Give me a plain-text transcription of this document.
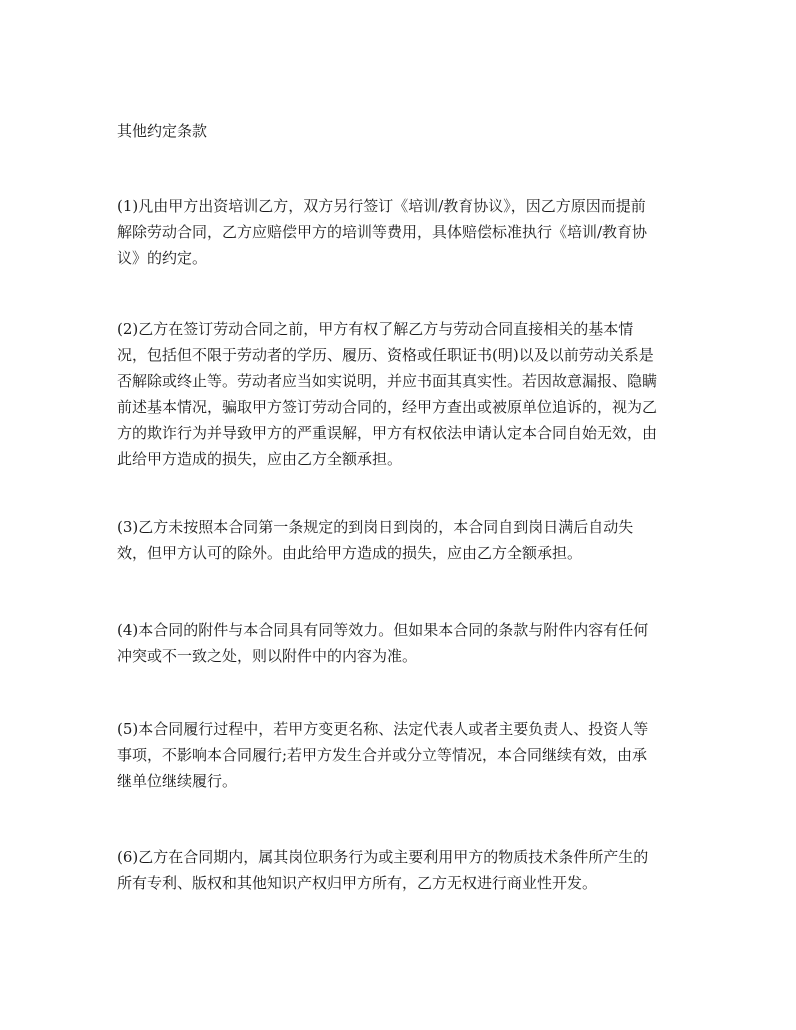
其他约定条款

(1)凡由甲方出资培训乙方，双方另行签订《培训/教育协议》，因乙方原因而提前
解除劳动合同，乙方应赔偿甲方的培训等费用，具体赔偿标准执行《培训/教育协
议》的约定。

(2)乙方在签订劳动合同之前，甲方有权了解乙方与劳动合同直接相关的基本情
况，包括但不限于劳动者的学历、履历、资格或任职证书(明)以及以前劳动关系是
否解除或终止等。劳动者应当如实说明，并应书面其真实性。若因故意漏报、隐瞒
前述基本情况，骗取甲方签订劳动合同的，经甲方查出或被原单位追诉的，视为乙
方的欺诈行为并导致甲方的严重误解，甲方有权依法申请认定本合同自始无效，由
此给甲方造成的损失，应由乙方全额承担。

(3)乙方未按照本合同第一条规定的到岗日到岗的，本合同自到岗日满后自动失
效，但甲方认可的除外。由此给甲方造成的损失，应由乙方全额承担。

(4)本合同的附件与本合同具有同等效力。但如果本合同的条款与附件内容有任何
冲突或不一致之处，则以附件中的内容为准。

(5)本合同履行过程中，若甲方变更名称、法定代表人或者主要负责人、投资人等
事项，不影响本合同履行;若甲方发生合并或分立等情况，本合同继续有效，由承
继单位继续履行。

(6)乙方在合同期内，属其岗位职务行为或主要利用甲方的物质技术条件所产生的
所有专利、版权和其他知识产权归甲方所有，乙方无权进行商业性开发。
